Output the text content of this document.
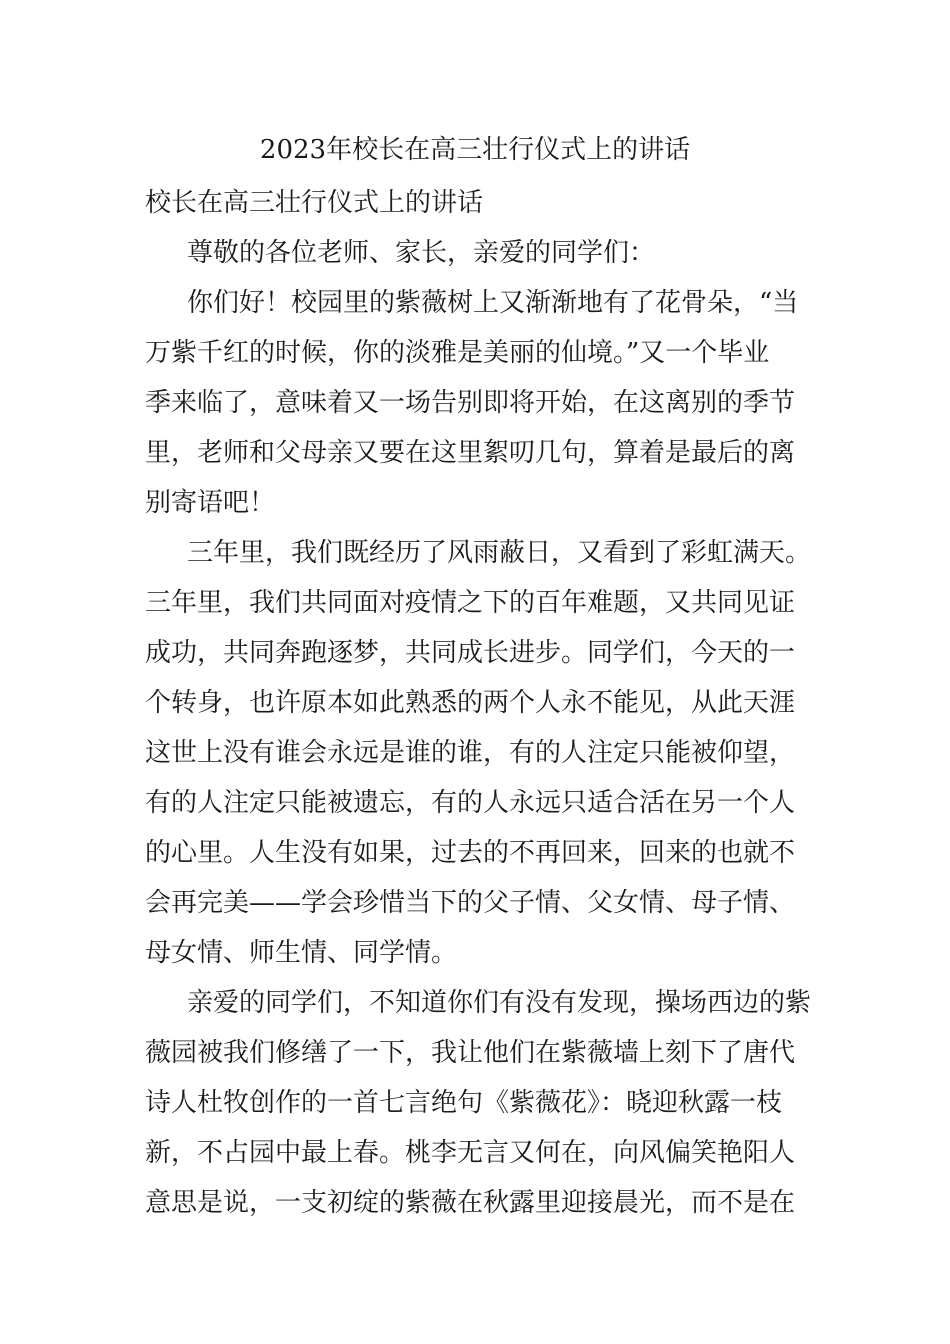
2023年校长在高三壮行仪式上的讲话
校长在高三壮行仪式上的讲话
尊敬的各位老师、家长，亲爱的同学们：
你们好！校园里的紫薇树上又渐渐地有了花骨朵，“当
万紫千红的时候，你的淡雅是美丽的仙境。”又一个毕业
季来临了，意味着又一场告别即将开始，在这离别的季节
里，老师和父母亲又要在这里絮叨几句，算着是最后的离
别寄语吧！
三年里，我们既经历了风雨蔽日，又看到了彩虹满天。
三年里，我们共同面对疫情之下的百年难题，又共同见证
成功，共同奔跑逐梦，共同成长进步。同学们，今天的一
个转身，也许原本如此熟悉的两个人永不能见，从此天涯
这世上没有谁会永远是谁的谁，有的人注定只能被仰望，
有的人注定只能被遗忘，有的人永远只适合活在另一个人
的心里。人生没有如果，过去的不再回来，回来的也就不
会再完美——学会珍惜当下的父子情、父女情、母子情、
母女情、师生情、同学情。
亲爱的同学们，不知道你们有没有发现，操场西边的紫
薇园被我们修缮了一下，我让他们在紫薇墙上刻下了唐代
诗人杜牧创作的一首七言绝句《紫薇花》：晓迎秋露一枝
新，不占园中最上春。桃李无言又何在，向风偏笑艳阳人
意思是说，一支初绽的紫薇在秋露里迎接晨光，而不是在
